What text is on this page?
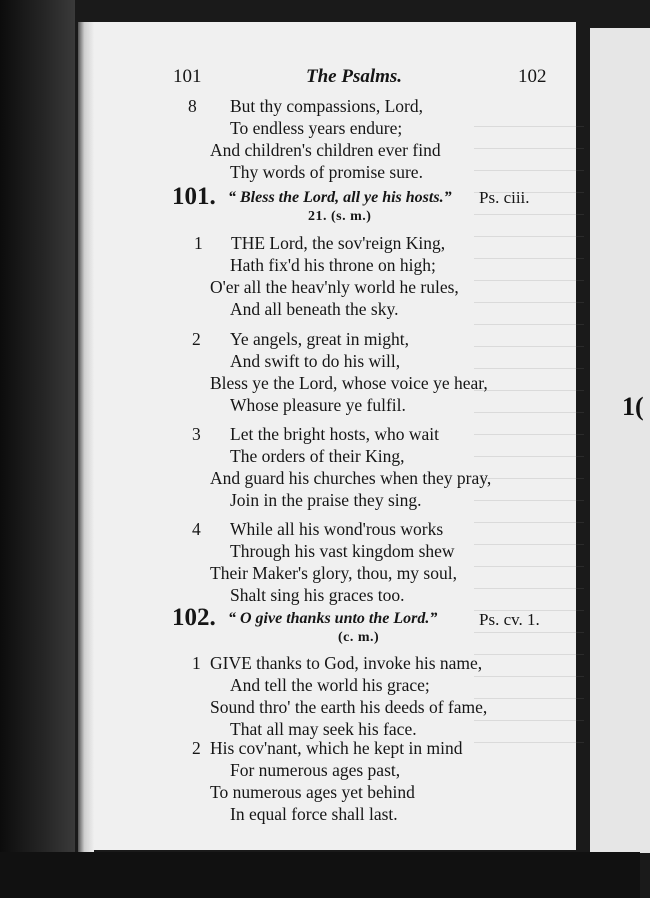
1(
101	The Psalms.	102
8 But thy compassions, Lord,
To endless years endure;
And children's children ever find
Thy words of promise sure.
101. “ Bless the Lord, all ye his hosts.” Ps. ciii.
21. (s. m.)
1 THE Lord, the sov'reign King,
Hath fix'd his throne on high;
O'er all the heav'nly world he rules,
And all beneath the sky.
2 Ye angels, great in might,
And swift to do his will,
Bless ye the Lord, whose voice ye hear,
Whose pleasure ye fulfil.
3 Let the bright hosts, who wait
The orders of their King,
And guard his churches when they pray,
Join in the praise they sing.
4 While all his wond'rous works
Through his vast kingdom shew
Their Maker's glory, thou, my soul,
Shalt sing his graces too.
102. “ O give thanks unto the Lord.” Ps. cv. 1.
(c. m.)
1 GIVE thanks to God, invoke his name,
And tell the world his grace;
Sound thro' the earth his deeds of fame,
That all may seek his face.
2 His cov'nant, which he kept in mind
For numerous ages past,
To numerous ages yet behind
In equal force shall last.
